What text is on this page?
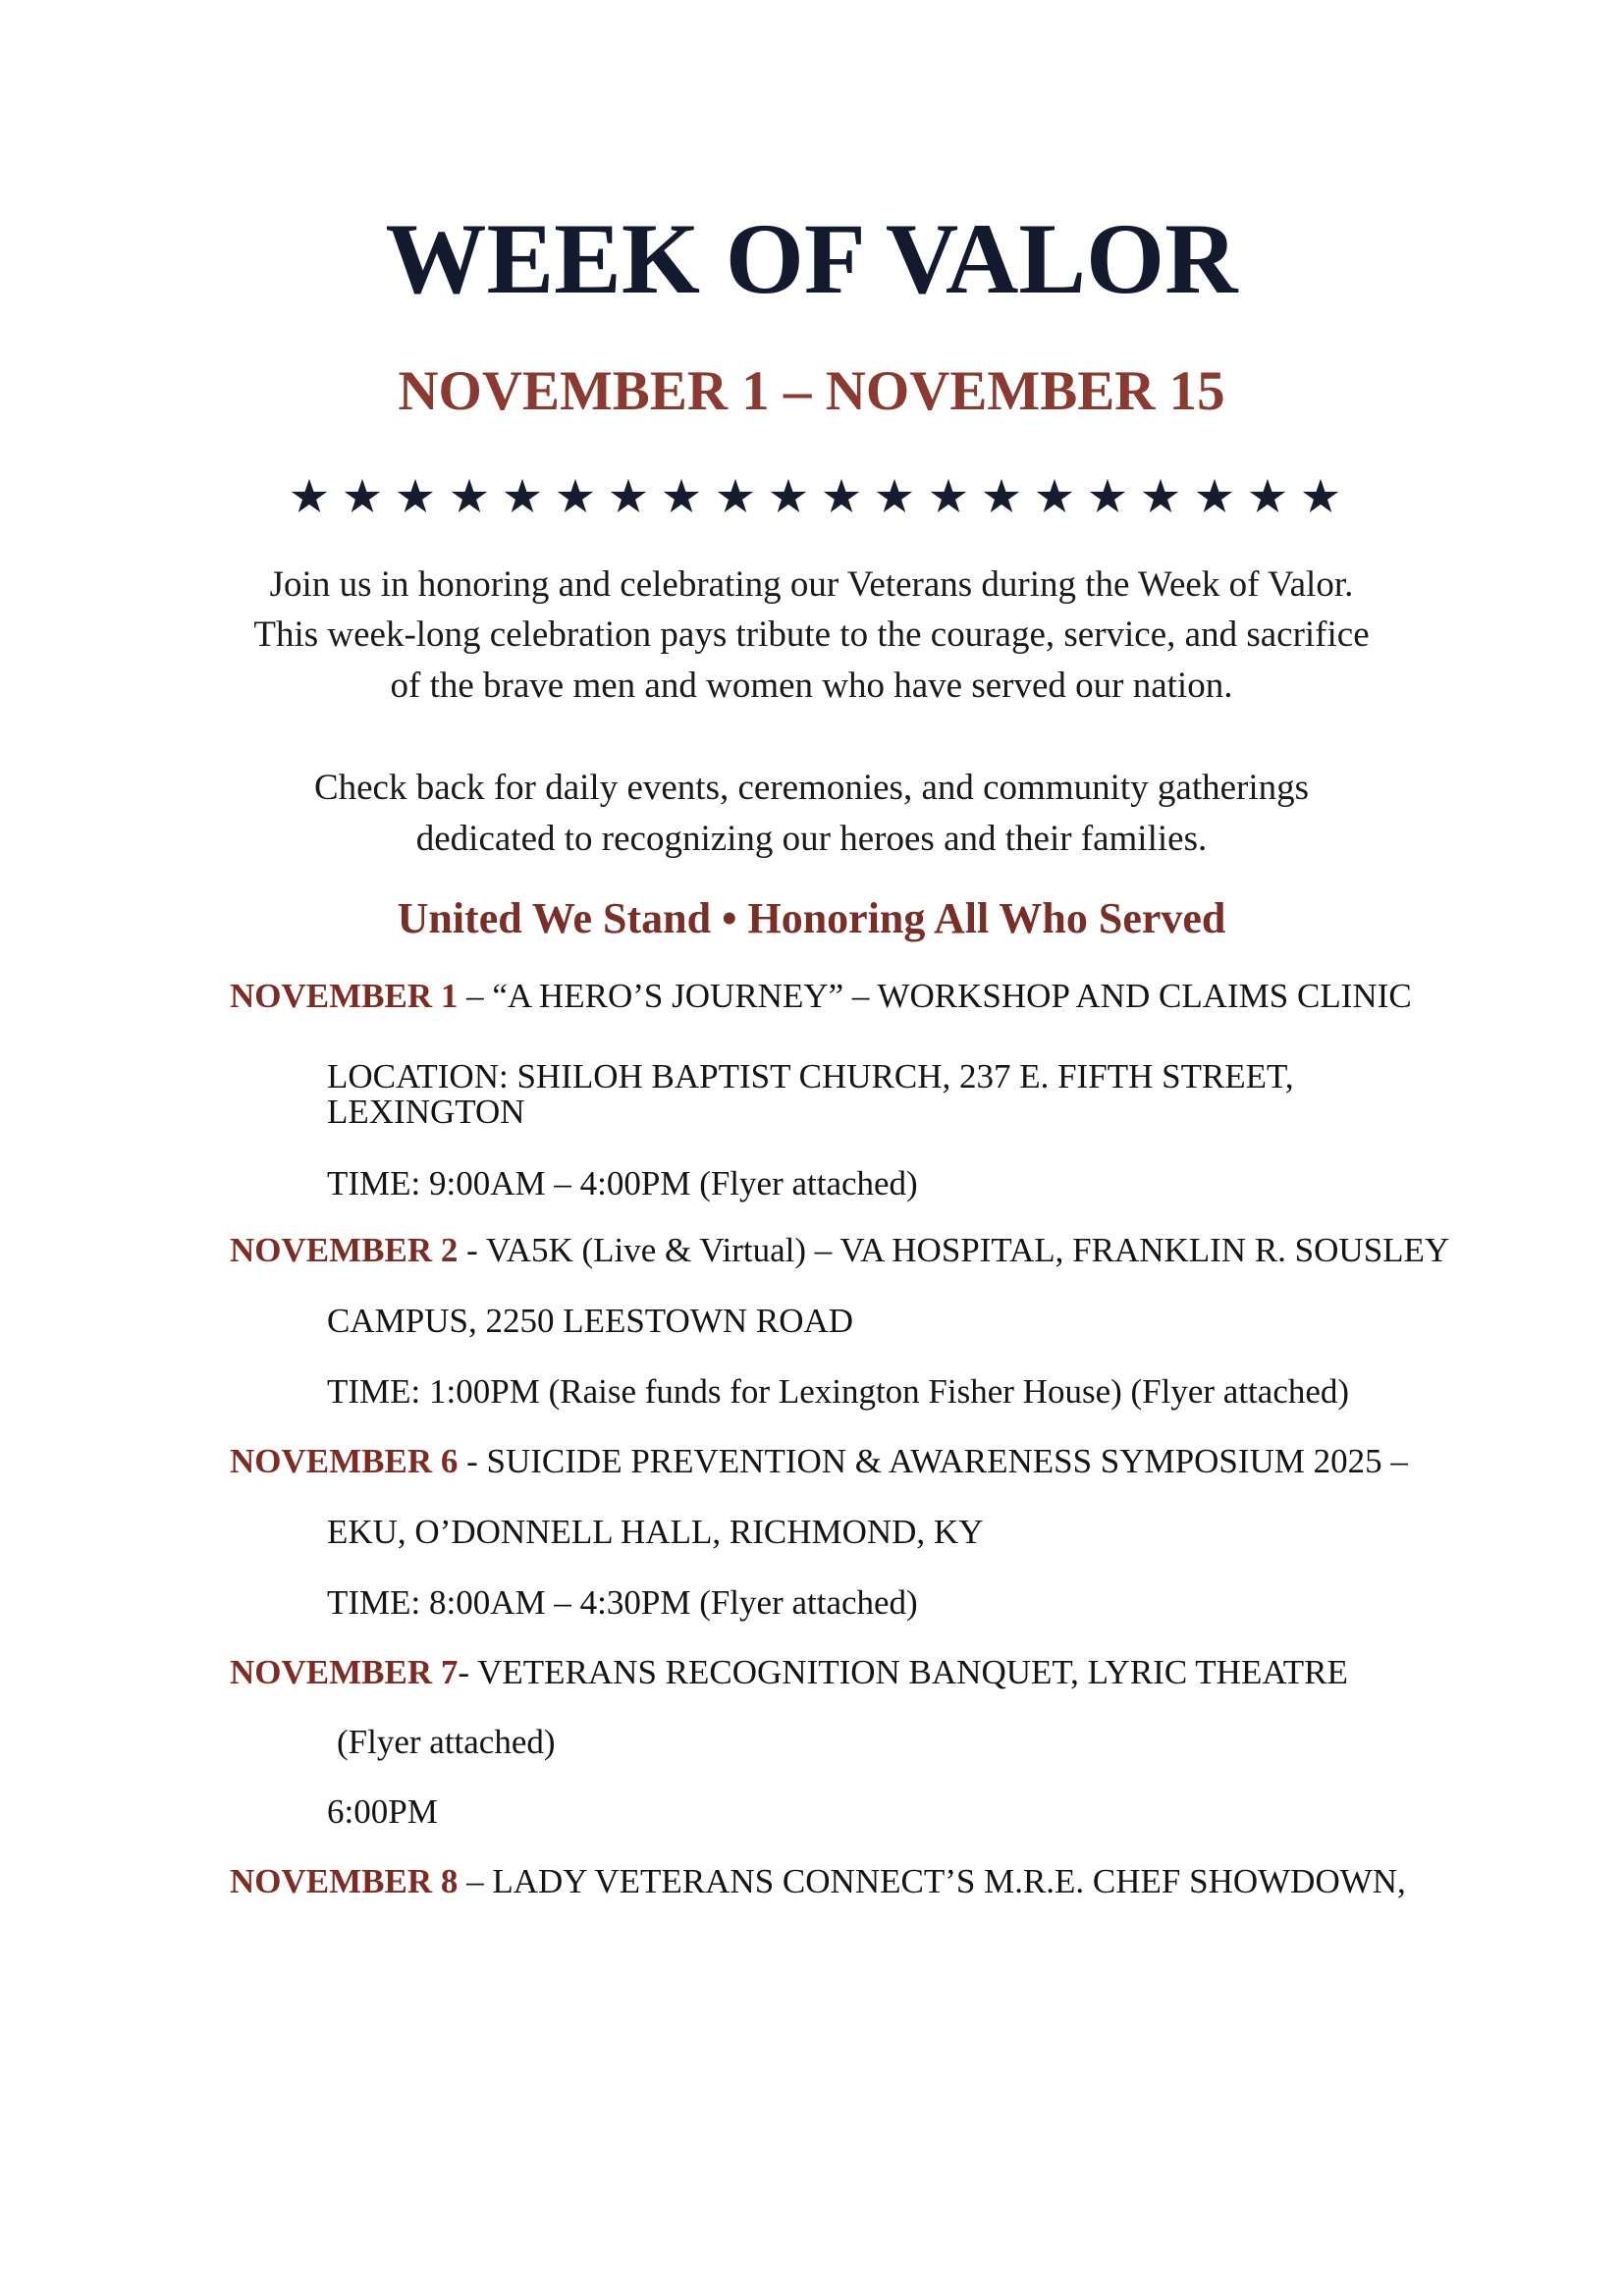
WEEK OF VALOR
NOVEMBER 1 – NOVEMBER 15

Join us in honoring and celebrating our Veterans during the Week of Valor.

This week-long celebration pays tribute to the courage, service, and sacrifice

of the brave men and women who have served our nation.

Check back for daily events, ceremonies, and community gatherings

dedicated to recognizing our heroes and their families.

United We Stand • Honoring All Who Served

NOVEMBER 1 – “A HERO’S JOURNEY” – WORKSHOP AND CLAIMS CLINIC

LOCATION: SHILOH BAPTIST CHURCH, 237 E. FIFTH STREET,

LEXINGTON

TIME: 9:00AM – 4:00PM (Flyer attached)

NOVEMBER 2 - VA5K (Live & Virtual) – VA HOSPITAL, FRANKLIN R. SOUSLEY

CAMPUS, 2250 LEESTOWN ROAD

TIME: 1:00PM (Raise funds for Lexington Fisher House) (Flyer attached)

NOVEMBER 6 - SUICIDE PREVENTION & AWARENESS SYMPOSIUM 2025 –

EKU, O’DONNELL HALL, RICHMOND, KY

TIME: 8:00AM – 4:30PM (Flyer attached)

NOVEMBER 7- VETERANS RECOGNITION BANQUET, LYRIC THEATRE

(Flyer attached)

6:00PM

NOVEMBER 8 – LADY VETERANS CONNECT’S M.R.E. CHEF SHOWDOWN,
